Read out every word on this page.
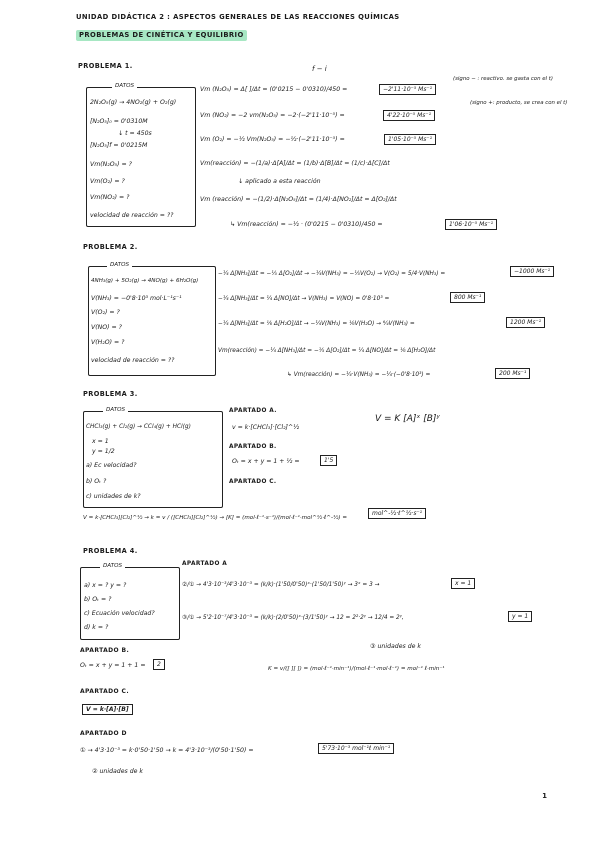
UNIDAD DIDÁCTICA 2 : ASPECTOS GENERALES DE LAS REACCIONES QUÍMICAS
PROBLEMAS DE CINÉTICA Y EQUILIBRIO
PROBLEMA 1.
DATOS
2N₂O₅(g) → 4NO₂(g) + O₂(g)
[N₂O₅]₀ = 0'0310M
↓ t = 450s
[N₂O₅]f = 0'0215M
Vm(N₂O₅) = ?
Vm(O₂) = ?
Vm(NO₂) = ?
velocidad de reacción = ??
f − i
Vm (N₂O₅) = Δ[ ]/Δt = (0'0215 − 0'0310)/450 =	−2'11·10⁻⁵ Ms⁻¹
(signo − : reactivo. se gasta con el t)
Vm (NO₂) = −2 vm(N₂O₅) = −2·(−2'11·10⁻⁵) =	4'22·10⁻⁵ Ms⁻¹
(signo +: producto, se crea con el t)
Vm (O₂) = −½ Vm(N₂O₅) = −½·(−2'11·10⁻⁵) =	1'05·10⁻⁵ Ms⁻¹
Vm(reacción) = −(1/a)·Δ[A]/Δt = (1/b)·Δ[B]/Δt = (1/c)·Δ[C]/Δt
↓ aplicado a esta reacción
Vm (reacción) = −(1/2)·Δ[N₂O₅]/Δt = (1/4)·Δ[NO₂]/Δt = Δ[O₂]/Δt
↳ Vm(reacción) = −½ · (0'0215 − 0'0310)/450 =	1'06·10⁻⁵ Ms⁻¹
PROBLEMA 2.
DATOS
4NH₃(g) + 5O₂(g) → 4NO(g) + 6H₂O(g)
V(NH₃) = −0'8·10³ mol·L⁻¹s⁻¹
V(O₂) = ?
V(NO) = ?
V(H₂O) = ?
velocidad de reacción = ??
−¼ Δ[NH₃]/Δt = −⅕ Δ[O₂]/Δt → −¼V(NH₃) = −⅕V(O₂) → V(O₂) = 5/4·V(NH₃) =	−1000 Ms⁻¹
−¼ Δ[NH₃]/Δt = ¼ Δ[NO]/Δt → V(NH₃) = V(NO) = 0'8·10³ =	800 Ms⁻¹
−¼ Δ[NH₃]/Δt = ⅙ Δ[H₂O]/Δt → −¼V(NH₃) = ⅙V(H₂O) → ⁶⁄₄V(NH₃) =	1200 Ms⁻¹
Vm(reacción) = −¼ Δ[NH₃]/Δt = −⅕ Δ[O₂]/Δt = ¼ Δ[NO]/Δt = ⅙ Δ[H₂O]/Δt
↳ Vm(reacción) = −¼·V(NH₃) = −¼·(−0'8·10³) =	200 Ms⁻¹
PROBLEMA 3.
DATOS
CHCl₃(g) + Cl₂(g) → CCl₄(g) + HCl(g)
x = 1
y = 1/2
a) Ec velocidad?
b) Oₜ ?
c) unidades de k?
APARTADO A.
v = k·[CHCl₃]·[Cl₂]^½
V = K [A]ˣ [B]ʸ
APARTADO B.
Oₜ = x + y = 1 + ½ =	1'5
APARTADO C.
V = k·[CHCl₃][Cl₂]^½ → k = v / ([CHCl₃][Cl₂]^½) → [K] = (mol·ℓ⁻¹·s⁻¹)/(mol·ℓ⁻¹·mol^½·ℓ^-½) =
mol^-½·ℓ^½·s⁻¹
PROBLEMA 4.
DATOS
a) x = ? y = ?
b) Oₜ = ?
c) Ecuación velocidad?
d) k = ?
APARTADO A
②/① → 4'3·10⁻³/4'3·10⁻³ = (k/k)·(1'50/0'50)ˣ·(1'50/1'50)ʸ → 3ˣ = 3 →	x = 1
③/① → 5'2·10⁻⁷/4'3·10⁻³ = (k/k)·(2/0'50)ˣ·(3/1'50)ʸ → 12 = 2²·2ʸ → 12/4 = 2ʸ,	y = 1
APARTADO B.
Oₜ = x + y = 1 + 1 =	2
③ unidades de k
K = v/([ ][ ]) = (mol·ℓ⁻¹·min⁻¹)/(mol·ℓ⁻¹·mol·ℓ⁻¹) = mol⁻¹ ℓ·min⁻¹
APARTADO C.
V = k·[A]·[B]
APARTADO D
① → 4'3·10⁻³ = k·0'50·1'50 → k = 4'3·10⁻³/(0'50·1'50) =	5'73·10⁻³ mol⁻¹ℓ min⁻¹
② unidades de k
1
